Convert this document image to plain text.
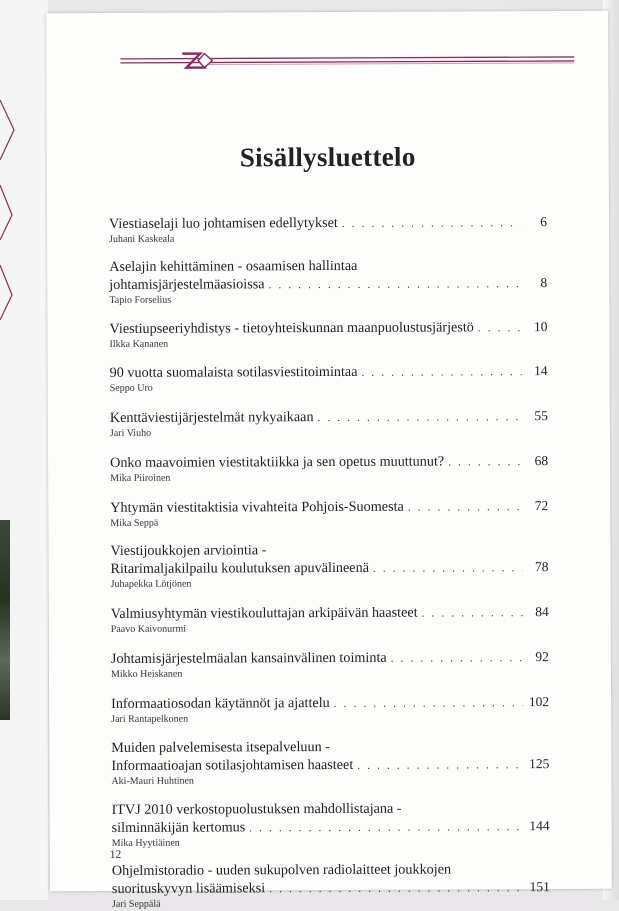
Sisällysluettelo
Viestiaselaji luo johtamisen edellytykset . . .	6
Juhani Kaskeala
Aselajin kehittäminen - osaamisen hallintaa
johtamisjärjestelmäasioissa . . .	8
Tapio Forselius
Viestiupseeriyhdistys - tietoyhteiskunnan maanpuolustusjärjestö . . .	10
Ilkka Kananen
90 vuotta suomalaista sotilasviestitoimintaa . . .	14
Seppo Uro
Kenttäviestijärjestelmät nykyaikaan . . .	55
Jari Viuho
Onko maavoimien viestitaktiikka ja sen opetus muuttunut? . . .	68
Mika Piiroinen
Yhtymän viestitaktisia vivahteita Pohjois-Suomesta . . .	72
Mika Seppä
Viestijoukkojen arviointia -
Ritarimaljakilpailu koulutuksen apuvälineenä . . .	78
Juhapekka Lötjönen
Valmiusyhtymän viestikouluttajan arkipäivän haasteet . . .	84
Paavo Kaivonurmi
Johtamisjärjestelmäalan kansainvälinen toiminta . . .	92
Mikko Heiskanen
Informaatiosodan käytännöt ja ajattelu . . .	102
Jari Rantapelkonen
Muiden palvelemisesta itsepalveluun -
Informaatioajan sotilasjohtamisen haasteet . . .	125
Aki-Mauri Huhtinen
ITVJ 2010 verkostopuolustuksen mahdollistajana -
silminnäkijän kertomus . . .	144
Mika Hyytiäinen
Ohjelmistoradio - uuden sukupolven radiolaitteet joukkojen
suorituskyvyn lisäämiseksi . . .	151
Jari Seppälä
12
